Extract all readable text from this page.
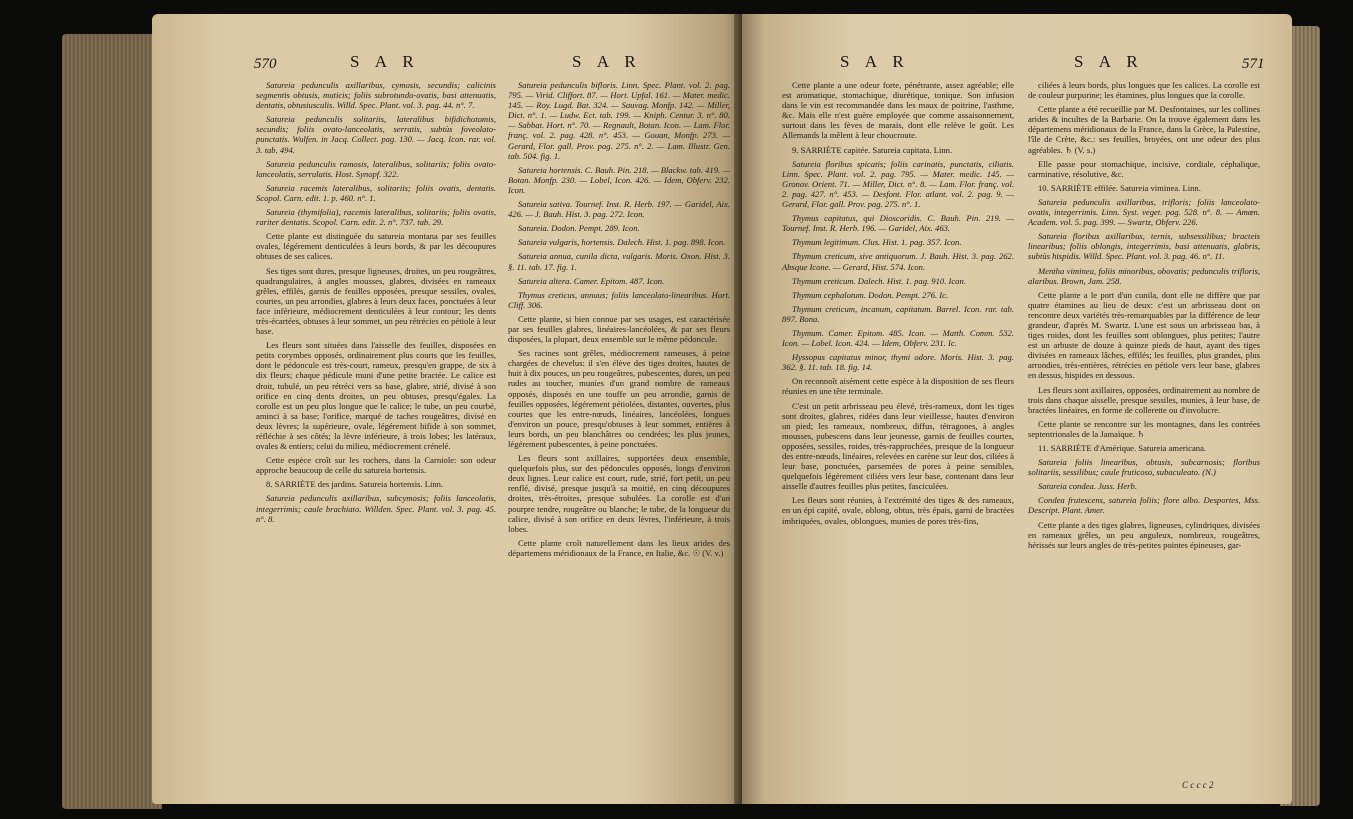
570	S A R	S A R

Satureia pedunculis axillaribus, cymosis, secundis; calicinis segmentis obtusis, muticis; foliis subrotundo-ovatis, basi attenuatis, dentatis, obtusiusculis. Willd. Spec. Plant. vol. 3. pag. 44. n°. 7.

Satureia pedunculis solitariis, lateralibus bifidichotomis, secundis; foliis ovato-lanceolatis, serratis, subtùs foveolato-punctatis. Wulfen. in Jacq. Collect. pag. 130. — Jacq. Icon. rar. vol. 3. tab. 494.

Satureia pedunculis ramosis, lateralibus, solitariis; foliis ovato-lanceolatis, serrulatis. Host. Synopf. 322.

Satureia racemis lateralibus, solitariis; foliis ovatis, dentatis. Scopol. Carn. edit. 1. p. 460. n°. 1.

Satureia (thymifolia), racemis lateralibus, solitariis; foliis ovatis, rariter dentatis. Scopol. Carn. edit. 2. n°. 737. tab. 29.

Cette plante est distinguée du satureia montana par ses feuilles ovales, légérement denticulées à leurs bords, & par les découpures obtuses de ses calices.

Ses tiges sont dures, presque ligneuses, droites, un peu rougeâtres, quadrangulaires, à angles mousses, glabres, divisées en rameaux grêles, effilés, garnis de feuilles opposées, presque sessiles, ovales, courtes, un peu arrondies, glabres à leurs deux faces, ponctuées à leur face inférieure, médiocrement denticulées à leur contour; les dents très-écartées, obtuses à leur sommet, un peu rétrécies en pétiole à leur base.

Les fleurs sont situées dans l'aisselle des feuilles, disposées en petits corymbes opposés, ordinairement plus courts que les feuilles, dont le pédoncule est très-court, rameux, presqu'en grappe, de six à dix fleurs; chaque pédicule muni d'une petite bractée. Le calice est droit, tubulé, un peu rétréci vers sa base, glabre, strié, divisé à son orifice en cinq dents droites, un peu obtuses, presqu'égales. La corolle est un peu plus longue que le calice; le tube, un peu courbé, aminci à sa base; l'orifice, marqué de taches rougeâtres, divisé en deux lèvres; la supérieure, ovale, légérement bifide à son sommet, réfléchie à ses côtés; la lèvre inférieure, à trois lobes; les latéraux, ovales & entiers; celui du milieu, médiocrement crénelé.

Cette espèce croît sur les rochers, dans la Carniole: son odeur approche beaucoup de celle du satureia hortensis.

8. SARRIÈTE des jardins. Satureia hortensis. Linn.

Satureia pedunculis axillaribus, subcymosis; foliis lanceolatis, integerrimis; caule brachiato. Willden. Spec. Plant. vol. 3. pag. 45. n°. 8.

Satureia pedunculis bifloris. Linn. Spec. Plant. vol. 2. pag. 795. — Virid. Cliffort. 87. — Hort. Upfal. 161. — Mater. medic. 145. — Roy. Lugd. Bat. 324. — Sauvag. Monfp. 142. — Miller, Dict. n°. 1. — Ludw. Ect. tab. 199. — Kniph. Centur. 3. n°. 80. — Sabbat. Hort. n°. 70. — Regnault, Botan. Icon. — Lam. Flor. franç. vol. 2. pag. 428. n°. 453. — Gouan, Monfp. 273. — Gerard, Flor. gall. Prov. pag. 275. n°. 2. — Lam. Illustr. Gen. tab. 504. fig. 1.

Satureia hortensis. C. Bauh. Pin. 218. — Blackw. tab. 419. — Botan. Monfp. 230. — Lobel, Icon. 426. — Idem, Obferv. 232. Icon.

Satureia sativa. Tournef. Inst. R. Herb. 197. — Garidel, Aix. 426. — J. Bauh. Hist. 3. pag. 272. Icon.

Satureia. Dodon. Pempt. 289. Icon.

Satureia vulgaris, hortensis. Dalech. Hist. 1. pag. 898. Icon.

Satureia annua, cunila dicta, vulgaris. Moris. Oxon. Hist. 3. §. 11. tab. 17. fig. 1.

Satureia altera. Camer. Epitom. 487. Icon.

Thymus creticus, annuus; foliis lanceolato-linearibus. Hort. Cliff. 306.

Cette plante, si bien connue par ses usages, est caractérisée par ses feuilles glabres, linéaires-lancéolées, & par ses fleurs disposées, la plupart, deux ensemble sur le même pédoncule.

Ses racines sont grêles, médiocrement rameuses, à peine chargées de chevelus: il s'en élève des tiges droites, hautes de huit à dix pouces, un peu rougeâtres, pubescentes, dures, un peu rudes au toucher, munies d'un grand nombre de rameaux opposés, disposés en une touffe un peu arrondie, garnis de feuilles opposées, légérement pétiolées, distantes, ouvertes, plus courtes que les entre-nœuds, linéaires, lancéolées, longues d'environ un pouce, presqu'obtuses à leur sommet, entières à leurs bords, un peu blanchâtres ou cendrées; les plus jeunes, légérement pubescentes, à peine ponctuées.

Les fleurs sont axillaires, supportées deux ensemble, quelquefois plus, sur des pédoncules opposés, longs d'environ deux lignes. Leur calice est court, rude, strié, fort petit, un peu renflé, divisé, presque jusqu'à sa moitié, en cinq découpures droites, très-étroites, presque subulées. La corolle est d'un pourpre tendre, rougeâtre ou blanche; le tube, de la longueur du calice, divisé à son orifice en deux lèvres, l'inférieure, à trois lobes.

Cette plante croît naturellement dans les lieux arides des départemens méridionaux de la France, en Italie, &c. ☉ (V. v.)

S A R	S A R	571

Cette plante a une odeur forte, pénétrante, assez agréable; elle est aromatique, stomachique, diurétique, tonique. Son infusion dans le vin est recommandée dans les maux de poitrine, l'asthme, &c. Mais elle n'est guère employée que comme assaisonnement, surtout dans les fèves de marais, dont elle relève le goût. Les Allemands la mêlent à leur choucroute.

9. SARRIÈTE capitée. Satureia capitata. Linn.

Satureia floribus spicatis; foliis carinatis, punctatis, ciliatis. Linn. Spec. Plant. vol. 2. pag. 795. — Mater. medic. 145. — Gronov. Orient. 71. — Miller, Dict. n°. 8. — Lam. Flor. franç. vol. 2. pag. 427. n°. 453. — Desfont. Flor. atlant. vol. 2. pag. 9. — Gerard, Flor. gall. Prov. pag. 275. n°. 1.

Thymus capitatus, qui Dioscoridis. C. Bauh. Pin. 219. — Tournef. Inst. R. Herb. 196. — Garidel, Aix. 463.

Thymum legitimum. Clus. Hist. 1. pag. 357. Icon.

Thymum creticum, sive antiquorum. J. Bauh. Hist. 3. pag. 262. Absque Icone. — Gerard, Hist. 574. Icon.

Thymum creticum. Dalech. Hist. 1. pag. 910. Icon.

Thymum cephalotum. Dodon. Pempt. 276. Ic.

Thymum creticum, incanum, capitatum. Barrel. Icon. rar. tab. 897. Bona.

Thymum. Camer. Epitom. 485. Icon. — Matth. Comm. 532. Icon. — Lobel. Icon. 424. — Idem, Obferv. 231. Ic.

Hyssopus capitatus minor, thymi odore. Moris. Hist. 3. pag. 362. §. 11. tab. 18. fig. 14.

On reconnoît aisément cette espèce à la disposition de ses fleurs réunies en une tête terminale.

C'est un petit arbrisseau peu élevé, très-rameux, dont les tiges sont droites, glabres, ridées dans leur vieillesse, hautes d'environ un pied; les rameaux, nombreux, diffus, tétragones, à angles mousses, pubescens dans leur jeunesse, garnis de feuilles courtes, opposées, sessiles, roides, très-rapprochées, presque de la longueur des entre-nœuds, linéaires, relevées en carène sur leur dos, ciliées à leur base, ponctuées, parsemées de pores à peine sensibles, quelquefois légérement ciliées vers leur base, contenant dans leur aisselle d'autres feuilles plus petites, fasciculées.

Les fleurs sont réunies, à l'extrémité des tiges & des rameaux, en un épi capité, ovale, oblong, obtus, très épais, garni de bractées imbriquées, ovales, oblongues, munies de pores très-fins,

ciliées à leurs bords, plus longues que les calices. La corolle est de couleur purpurine; les étamines, plus longues que la corolle.

Cette plante a été recueillie par M. Desfontaines, sur les collines arides & incultes de la Barbarie. On la trouve également dans les départemens méridionaux de la France, dans la Grèce, la Palestine, l'île de Crète, &c.: ses feuilles, broyées, ont une odeur des plus agréables. ♄ (V. s.)

Elle passe pour stomachique, incisive, cordiale, céphalique, carminative, résolutive, &c.

10. SARRIÈTE effilée. Satureia viminea. Linn.

Satureia pedunculis axillaribus, trifloris; foliis lanceolato-ovatis, integerrimis. Linn. Syst. veget. pag. 528. n°. 8. — Amœn. Academ. vol. 5. pag. 399. — Swartz, Obferv. 226.

Satureia floribus axillaribus, ternis, subsessilibus; bracteis linearibus; foliis oblongis, integerrimis, basi attenuatis, glabris, subtùs hispidis. Willd. Spec. Plant. vol. 3. pag. 46. n°. 11.

Mentha viminea, foliis minoribus, obovatis; pedunculis trifloris, alaribus. Brown, Jam. 258.

Cette plante a le port d'un cunila, dont elle ne diffère que par quatre étamines au lieu de deux: c'est un arbrisseau dont on rencontre deux variétés très-remarquables par la différence de leur grandeur, d'après M. Swartz. L'une est sous un arbrisseau bas, à tiges roides, dont les feuilles sont oblongues, plus petites; l'autre est un arbuste de douze à quinze pieds de haut, ayant des tiges divisées en rameaux lâches, effilés; les feuilles, plus grandes, plus arrondies, très-entières, rétrécies en pétiole vers leur base, glabres en dessus, hispides en dessous.

Les fleurs sont axillaires, opposées, ordinairement au nombre de trois dans chaque aisselle, presque sessiles, munies, à leur base, de bractées linéaires, en forme de collerette ou d'involucre.

Cette plante se rencontre sur les montagnes, dans les contrées septentrionales de la Jamaïque. ♄

11. SARRIÈTE d'Amérique. Satureia americana.

Satureia foliis linearibus, obtusis, subcarnosis; floribus solitariis, sessilibus; caule fruticoso, subaculeato. (N.)

Satureia condea. Juss. Herb.

Condea frutescens, satureia foliis; flore albo. Desportes, Mss. Descript. Plant. Amer.

Cette plante a des tiges glabres, ligneuses, cylindriques, divisées en rameaux grêles, un peu anguleux, nombreux, rougeâtres, hérissés sur leurs angles de très-petites pointes épineuses, gar-

C c c c 2
